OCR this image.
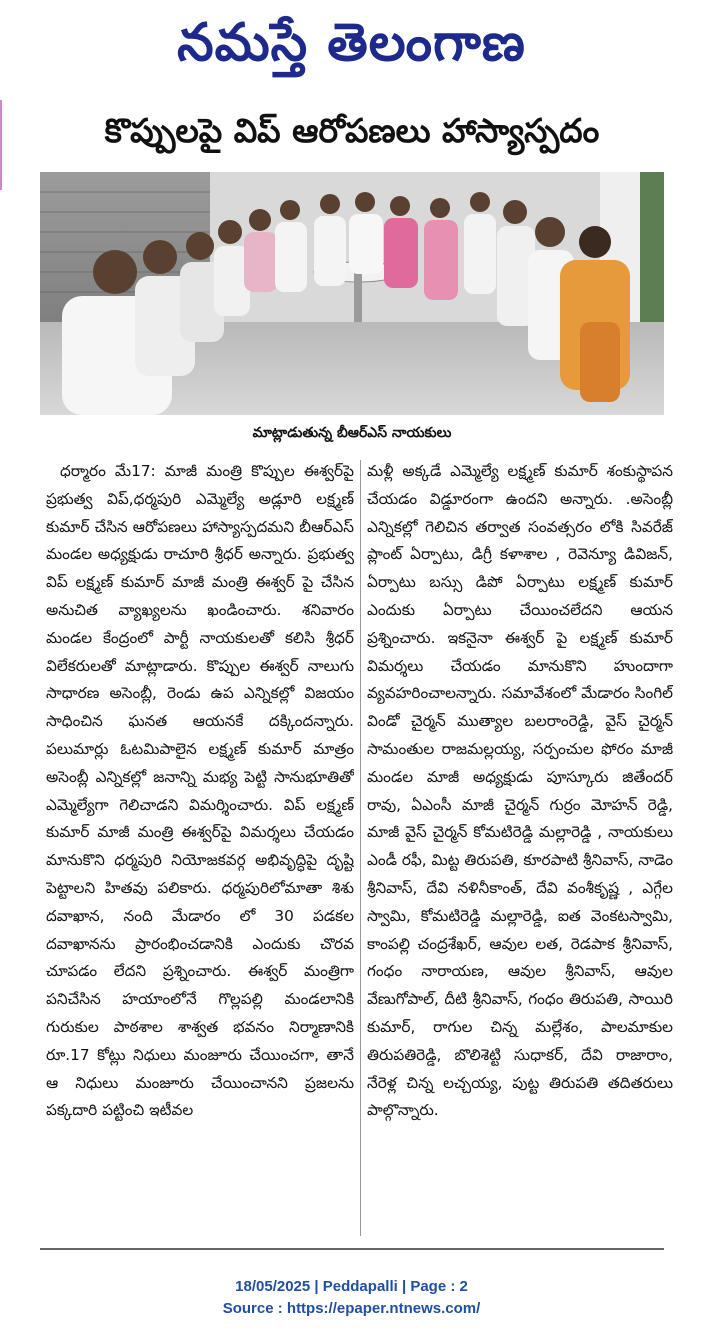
నమస్తే తెలంగాణ
కొప్పులపై విప్ ఆరోపణలు హాస్యాస్పదం
మాట్లాడుతున్న బీఆర్ఎస్ నాయకులు

ధర్మారం మే17: మాజీ మంత్రి కొప్పుల ఈశ్వర్‌పై ప్రభుత్వ విప్,ధర్మపురి ఎమ్మెల్యే అడ్లూరి లక్ష్మణ్ కుమార్ చేసిన ఆరోపణలు హాస్యాస్పదమని బీఆర్ఎస్ మండల అధ్యక్షుడు రాచూరి శ్రీధర్ అన్నారు. ప్రభుత్వ విప్ లక్ష్మణ్ కుమార్ మాజీ మంత్రి ఈశ్వర్ పై చేసిన అనుచిత వ్యాఖ్యలను ఖండించారు. శనివారం మండల కేంద్రంలో పార్టీ నాయకులతో కలిసి శ్రీధర్ విలేకరులతో మాట్లాడారు. కొప్పుల ఈశ్వర్ నాలుగు సాధారణ అసెంబ్లీ, రెండు ఉప ఎన్నికల్లో విజయం సాధించిన ఘనత ఆయనకే దక్కిందన్నారు. పలుమార్లు ఓటమిపాలైన లక్ష్మణ్ కుమార్ మాత్రం అసెంబ్లీ ఎన్నికల్లో జనాన్ని మభ్య పెట్టి సానుభూతితో ఎమ్మెల్యేగా గెలిచాడని విమర్శించారు. విప్ లక్ష్మణ్ కుమార్ మాజీ మంత్రి ఈశ్వర్‌పై విమర్శలు చేయడం మానుకొని ధర్మపురి నియోజకవర్గ అభివృద్ధిపై దృష్టి పెట్టాలని హితవు పలికారు. ధర్మపురిలోమాతా శిశు దవాఖాన, నంది మేడారం లో 30 పడకల దవాఖానను ప్రారంభించడానికి ఎందుకు చొరవ చూపడం లేదని ప్రశ్నించారు. ఈశ్వర్ మంత్రిగా పనిచేసిన హయాంలోనే గొల్లపల్లి మండలానికి గురుకుల పాఠశాల శాశ్వత భవనం నిర్మాణానికి రూ.17 కోట్లు నిధులు మంజూరు చేయించగా, తానే ఆ నిధులు మంజూరు చేయించానని ప్రజలను పక్కదారి పట్టించి ఇటీవల

మళ్లీ అక్కడే ఎమ్మెల్యే లక్ష్మణ్ కుమార్ శంకుస్థాపన చేయడం విడ్డూరంగా ఉందని అన్నారు. .అసెంబ్లీ ఎన్నికల్లో గెలిచిన తర్వాత సంవత్సరం లోకి సివరేజ్ ప్లాంట్ ఏర్పాటు, డిగ్రీ కళాశాల , రెవెన్యూ డివిజన్, ఏర్పాటు బస్సు డిపో ఏర్పాటు లక్ష్మణ్ కుమార్ ఎందుకు ఏర్పాటు చేయించలేదని ఆయన ప్రశ్నించారు. ఇకనైనా ఈశ్వర్ పై లక్ష్మణ్ కుమార్ విమర్శలు చేయడం మానుకొని హుందాగా వ్యవహరించాలన్నారు. సమావేశంలో మేడారం సింగిల్ విండో చైర్మన్ ముత్యాల బలరాంరెడ్డి, వైస్ చైర్మన్ సామంతుల రాజమల్లయ్య, సర్పంచుల ఫోరం మాజీ మండల మాజీ అధ్యక్షుడు పూస్కూరు జితేందర్ రావు, ఏఎంసీ మాజీ చైర్మన్ గుర్రం మోహన్ రెడ్డి, మాజీ వైస్ చైర్మన్ కోమటిరెడ్డి మల్లారెడ్డి , నాయకులు ఎండీ రఫీ, మిట్ట తిరుపతి, కూరపాటి శ్రీనివాస్, నాడెం శ్రీనివాస్, దేవి నళినీకాంత్, దేవి వంశీకృష్ణ , ఎగ్గేల స్వామి, కోమటిరెడ్డి మల్లారెడ్డి, ఐత వెంకటస్వామి, కాంపల్లి చంద్రశేఖర్, ఆవుల లత, రెడపాక శ్రీనివాస్, గంధం నారాయణ, ఆవుల శ్రీనివాస్, ఆవుల వేణుగోపాల్, దీటి శ్రీనివాస్, గంధం తిరుపతి, సాయిరి కుమార్, రాగుల చిన్న మల్లేశం, పాలమాకుల తిరుపతిరెడ్డి, బొలిశెట్టి సుధాకర్, దేవి రాజారాం, నేరెళ్ల చిన్న లచ్చయ్య, పుట్ట తిరుపతి తదితరులు పాల్గొన్నారు.

18/05/2025 | Peddapalli | Page : 2
Source : https://epaper.ntnews.com/
